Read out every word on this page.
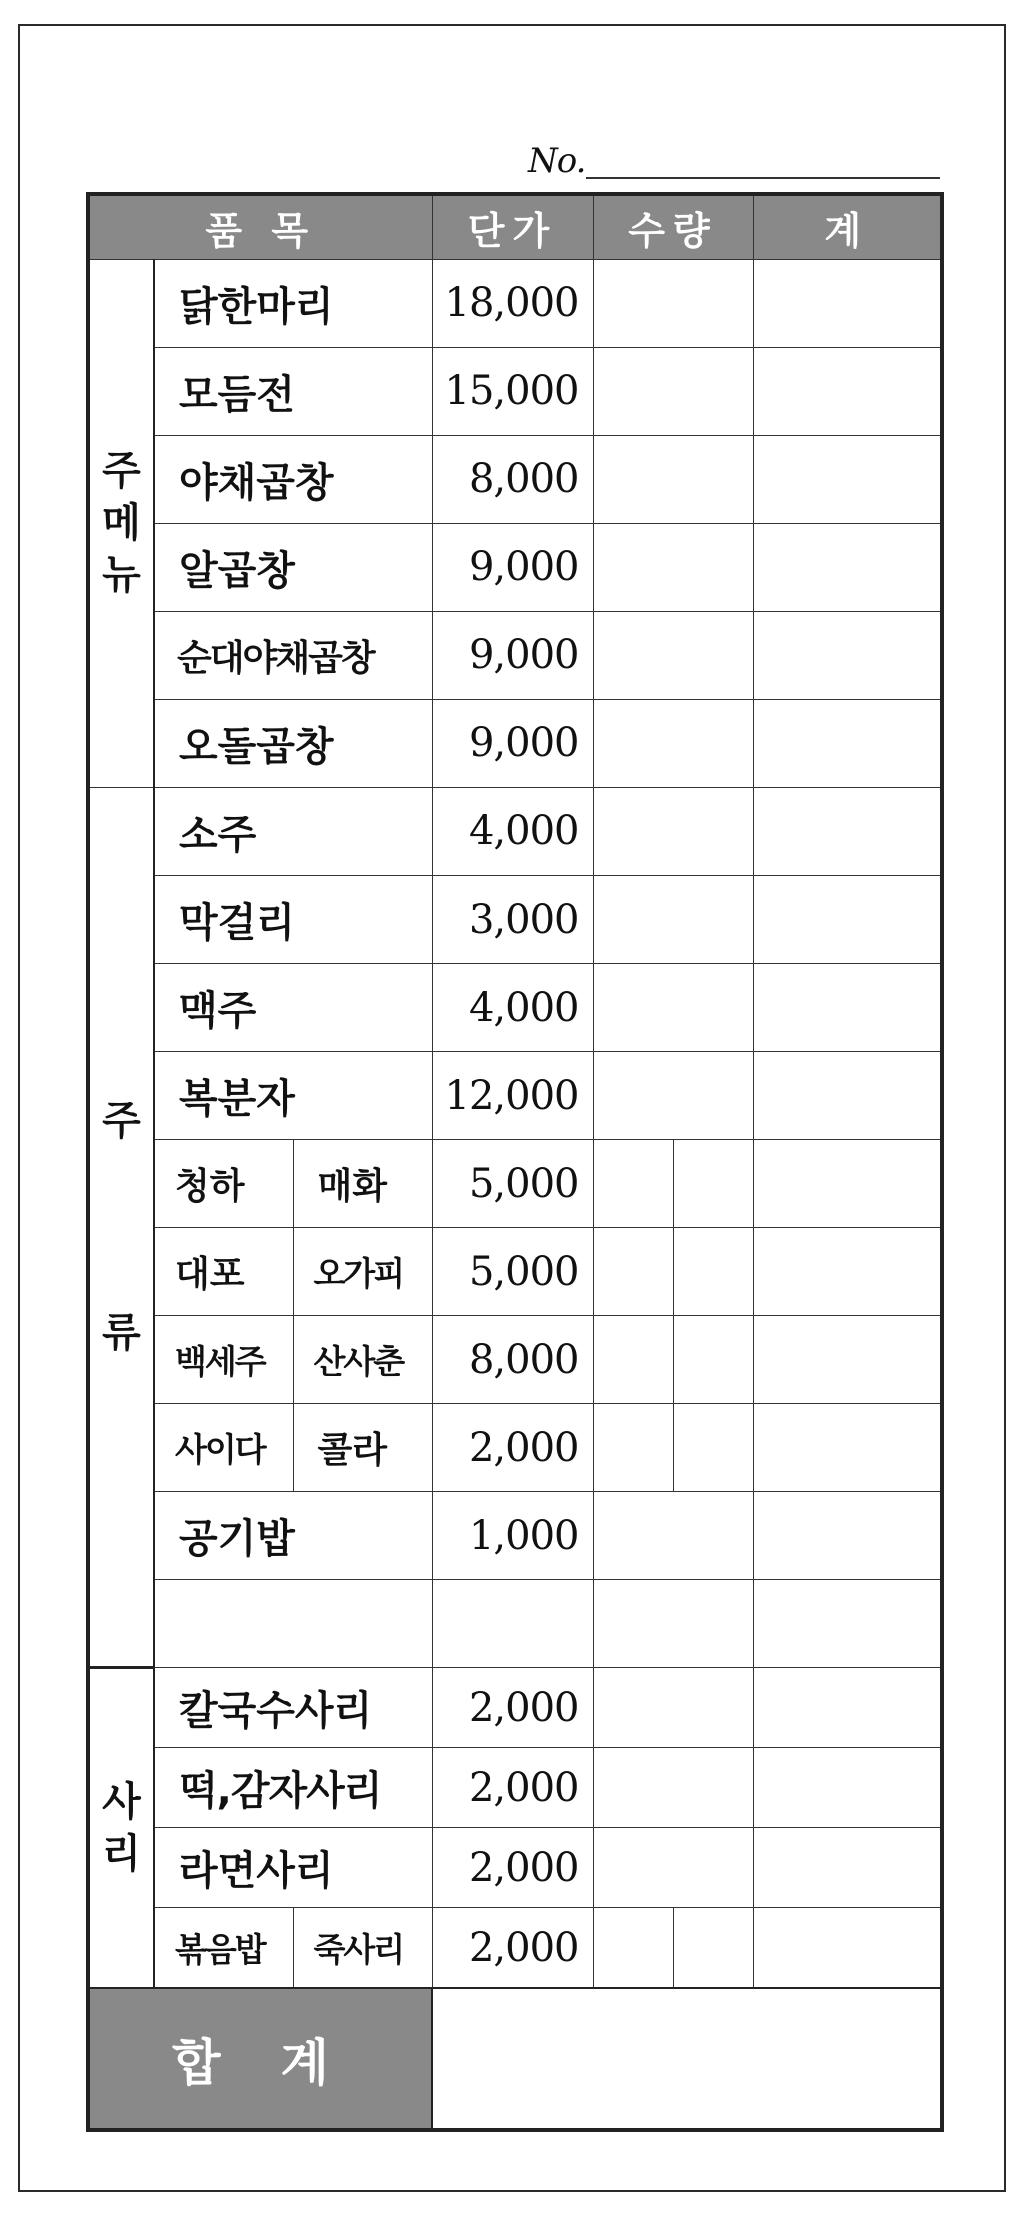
No.
품 목			단가	수량		계

주
메
뉴	닭한마리		18,000			
	모듬전		15,000			
	야채곱창		8,000			
	알곱창		9,000			
	순대야채곱창		9,000			
	오돌곱창		9,000			

주
류	소주		4,000			
	막걸리		3,000			
	맥주		4,000			
	복분자		12,000			
	청하	매화	5,000			
	대포	오가피	5,000			
	백세주	산사춘	8,000			
	사이다	콜라	2,000			
	공기밥		1,000			

사
리	칼국수사리		2,000			
	떡,감자사리		2,000			
	라면사리		2,000			
	볶음밥	죽사리	2,000			
합계						
